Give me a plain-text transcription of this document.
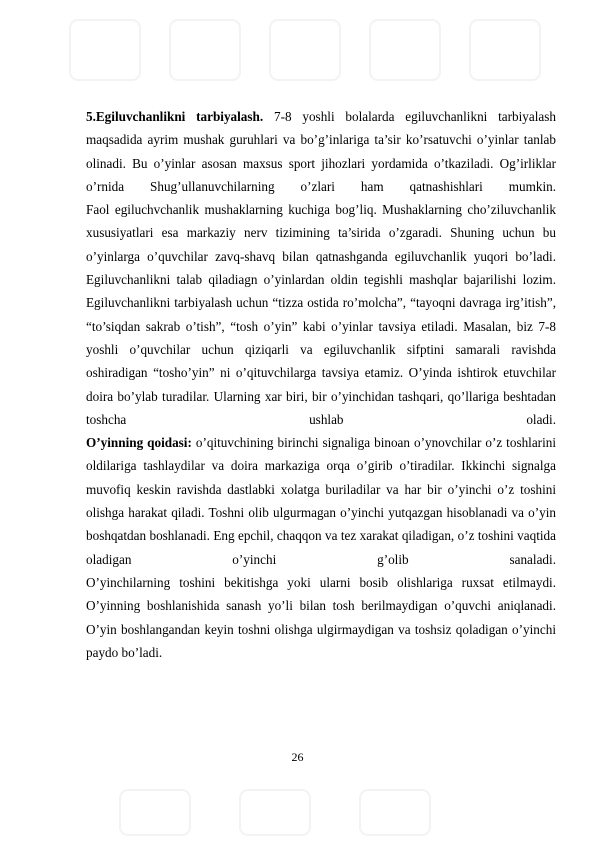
5.Egiluvchanlikni tarbiyalash. 7-8 yoshli bolalarda egiluvchanlikni tarbiyalash maqsadida ayrim mushak guruhlari va bo’g’inlariga ta’sir ko’rsatuvchi o’yinlar tanlab olinadi. Bu o’yinlar asosan maxsus sport jihozlari yordamida o’tkaziladi. Og’irliklar o’rnida Shug’ullanuvchilarning o’zlari ham qatnashishlari mumkin.

Faol egiluchvchanlik mushaklarning kuchiga bog’liq. Mushaklarning cho’ziluvchanlik xususiyatlari esa markaziy nerv tizimining ta’sirida o’zgaradi. Shuning uchun bu o’yinlarga o’quvchilar zavq-shavq bilan qatnashganda egiluvchanlik yuqori bo’ladi. Egiluvchanlikni talab qiladiagn o’yinlardan oldin tegishli mashqlar bajarilishi lozim.

Egiluvchanlikni tarbiyalash uchun “tizza ostida ro’molcha”, “tayoqni davraga irg’itish”, “to’siqdan sakrab o’tish”, “tosh o’yin” kabi o’yinlar tavsiya etiladi. Masalan, biz 7-8 yoshli o’quvchilar uchun qiziqarli va egiluvchanlik sifptini samarali ravishda oshiradigan “tosho’yin” ni o’qituvchilarga tavsiya etamiz. O’yinda ishtirok etuvchilar doira bo’ylab turadilar. Ularning xar biri, bir o’yinchidan tashqari, qo’llariga beshtadan toshcha ushlab oladi.

O’yinning qoidasi: o’qituvchining birinchi signaliga binoan o’ynovchilar o’z toshlarini oldilariga tashlaydilar va doira markaziga orqa o’girib o’tiradilar. Ikkinchi signalga muvofiq keskin ravishda dastlabki xolatga buriladilar va har bir o’yinchi o’z toshini olishga harakat qiladi. Toshni olib ulgurmagan o’yinchi yutqazgan hisoblanadi va o’yin boshqatdan boshlanadi. Eng epchil, chaqqon va tez xarakat qiladigan, o’z toshini vaqtida oladigan o’yinchi g’olib sanaladi.

O’yinchilarning toshini bekitishga yoki ularni bosib olishlariga ruxsat etilmaydi. O’yinning boshlanishida sanash yo’li bilan tosh berilmaydigan o’quvchi aniqlanadi. O’yin boshlangandan keyin toshni olishga ulgirmaydigan va toshsiz qoladigan o’yinchi paydo bo’ladi.

26
